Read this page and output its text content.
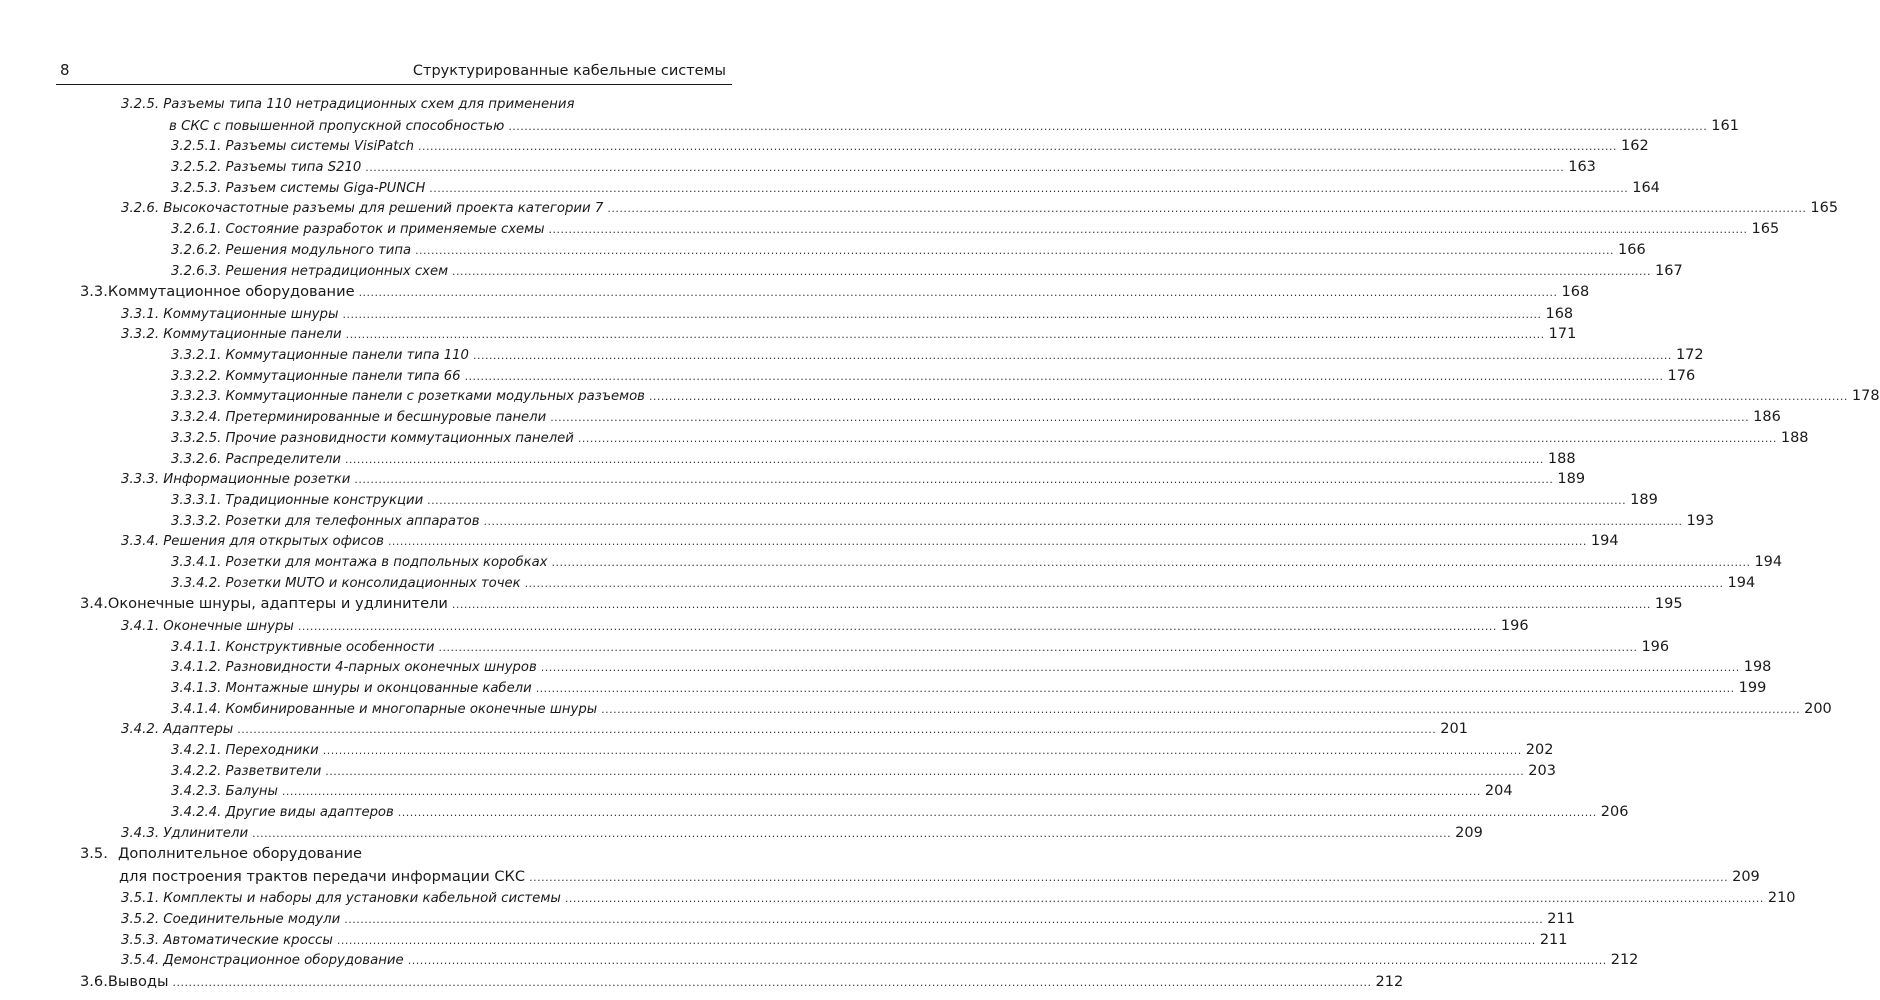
8	Структурированные кабельные системы
3.2.5. Разъемы типа 110 нетрадиционных схем для применения
в СКС с повышенной пропускной способностью ............................................................................................................................................................................................................................................................................................................ 161
3.2.5.1. Разъемы системы VisiPatch ............................................................................................................................................................................................................................................................................................................ 162
3.2.5.2. Разъемы типа S210 ............................................................................................................................................................................................................................................................................................................ 163
3.2.5.3. Разъем системы Giga-PUNCH ............................................................................................................................................................................................................................................................................................................ 164
3.2.6. Высокочастотные разъемы для решений проекта категории 7 ............................................................................................................................................................................................................................................................................................................ 165
3.2.6.1. Состояние разработок и применяемые схемы ............................................................................................................................................................................................................................................................................................................ 165
3.2.6.2. Решения модульного типа ............................................................................................................................................................................................................................................................................................................ 166
3.2.6.3. Решения нетрадиционных схем ............................................................................................................................................................................................................................................................................................................ 167
3.3. Коммутационное оборудование ............................................................................................................................................................................................................................................................................................................ 168
3.3.1. Коммутационные шнуры ............................................................................................................................................................................................................................................................................................................ 168
3.3.2. Коммутационные панели ............................................................................................................................................................................................................................................................................................................ 171
3.3.2.1. Коммутационные панели типа 110 ............................................................................................................................................................................................................................................................................................................ 172
3.3.2.2. Коммутационные панели типа 66 ............................................................................................................................................................................................................................................................................................................ 176
3.3.2.3. Коммутационные панели с розетками модульных разъемов ............................................................................................................................................................................................................................................................................................................ 178
3.3.2.4. Претерминированные и бесшнуровые панели ............................................................................................................................................................................................................................................................................................................ 186
3.3.2.5. Прочие разновидности коммутационных панелей ............................................................................................................................................................................................................................................................................................................ 188
3.3.2.6. Распределители ............................................................................................................................................................................................................................................................................................................ 188
3.3.3. Информационные розетки ............................................................................................................................................................................................................................................................................................................ 189
3.3.3.1. Традиционные конструкции ............................................................................................................................................................................................................................................................................................................ 189
3.3.3.2. Розетки для телефонных аппаратов ............................................................................................................................................................................................................................................................................................................ 193
3.3.4. Решения для открытых офисов ............................................................................................................................................................................................................................................................................................................ 194
3.3.4.1. Розетки для монтажа в подпольных коробках ............................................................................................................................................................................................................................................................................................................ 194
3.3.4.2. Розетки MUTO и консолидационных точек ............................................................................................................................................................................................................................................................................................................ 194
3.4. Оконечные шнуры, адаптеры и удлинители ............................................................................................................................................................................................................................................................................................................ 195
3.4.1. Оконечные шнуры ............................................................................................................................................................................................................................................................................................................ 196
3.4.1.1. Конструктивные особенности ............................................................................................................................................................................................................................................................................................................ 196
3.4.1.2. Разновидности 4-парных оконечных шнуров ............................................................................................................................................................................................................................................................................................................ 198
3.4.1.3. Монтажные шнуры и оконцованные кабели ............................................................................................................................................................................................................................................................................................................ 199
3.4.1.4. Комбинированные и многопарные оконечные шнуры ............................................................................................................................................................................................................................................................................................................ 200
3.4.2. Адаптеры ............................................................................................................................................................................................................................................................................................................ 201
3.4.2.1. Переходники ............................................................................................................................................................................................................................................................................................................ 202
3.4.2.2. Разветвители ............................................................................................................................................................................................................................................................................................................ 203
3.4.2.3. Балуны ............................................................................................................................................................................................................................................................................................................ 204
3.4.2.4. Другие виды адаптеров ............................................................................................................................................................................................................................................................................................................ 206
3.4.3. Удлинители ............................................................................................................................................................................................................................................................................................................ 209
3.5. Дополнительное оборудование
для построения трактов передачи информации СКС ............................................................................................................................................................................................................................................................................................................ 209
3.5.1. Комплекты и наборы для установки кабельной системы ............................................................................................................................................................................................................................................................................................................ 210
3.5.2. Соединительные модули ............................................................................................................................................................................................................................................................................................................ 211
3.5.3. Автоматические кроссы ............................................................................................................................................................................................................................................................................................................ 211
3.5.4. Демонстрационное оборудование ............................................................................................................................................................................................................................................................................................................ 212
3.6. Выводы ............................................................................................................................................................................................................................................................................................................ 212
